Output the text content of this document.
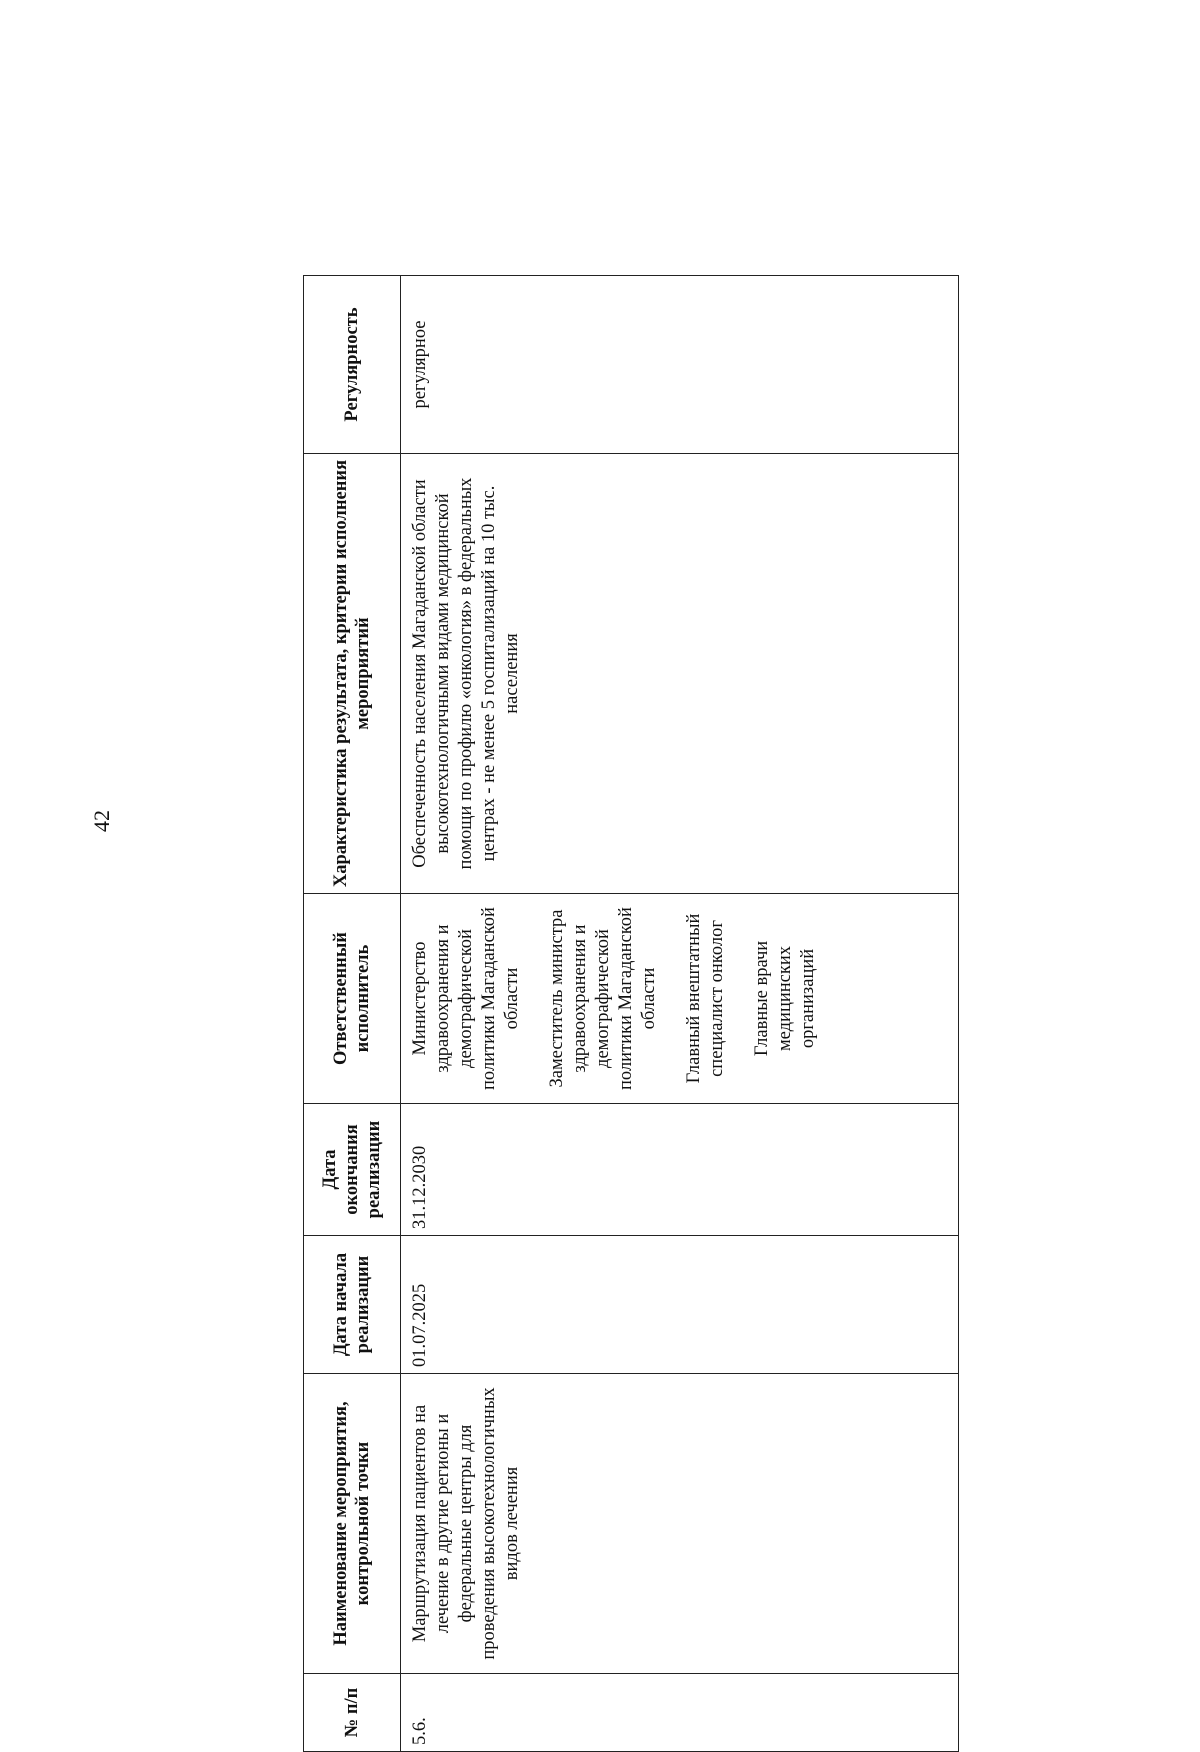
42
№ п/п	Наименование мероприятия, контрольной точки	Дата начала реализации	Дата окончания реализации	Ответственный исполнитель	Характеристика результата, критерии исполнения мероприятий	Регулярность
5.6.	Маршрутизация пациентов на лечение в другие регионы и федеральные центры для проведения высокотехнологичных видов лечения	01.07.2025	31.12.2030	Министерство здравоохранения и демографической политики Магаданской области Заместитель министра здравоохранения и демографической политики Магаданской области Главный внештатный специалист онколог Главные врачи медицинских организаций	Обеспеченность населения Магаданской области высокотехнологичными видами медицинской помощи по профилю «онкология» в федеральных центрах - не менее 5 госпитализаций на 10 тыс. населения	регулярное
